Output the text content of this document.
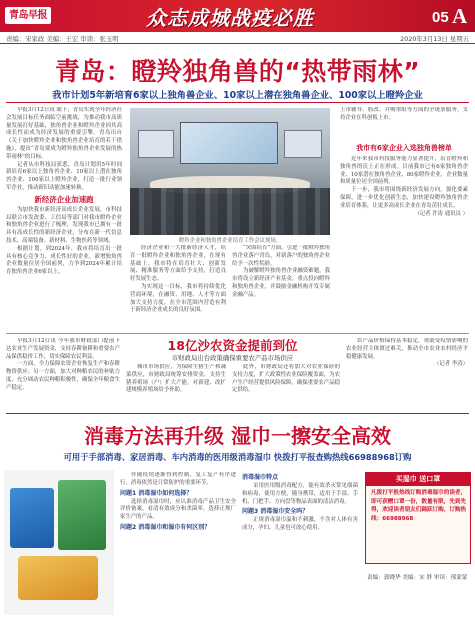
青岛早报	众志成城战疫必胜	05 A
责编：宋家政 美编：王宏 审读：张玉明	2020年3月13日 星期五
青岛：瞪羚独角兽的“热带雨林”
我市计划5年新培育6家以上独角兽企业、10家以上潜在独角兽企业、100家以上瞪羚企业

早报3月12日讯 眼下，青岛实现全年经济社会发展目标任务面临空前挑战，为推动我市高质量发展打好基础，独角兽企业和瞪羚企业因其高成长性而成为经济发展的重要引擎。青岛出台《关于加快瞪羚企业和独角兽企业培育的若干措施》，提出“青岛要成为瞪羚独角兽企业发展的热带雨林”的目标。

记者从市科技局获悉，青岛计划用5年时间新培育6家以上独角兽企业、10家以上潜在独角兽企业、100家以上瞪羚企业，打造一批行业领军企业，推动新旧动能加速转换。

新经济企业加速跑

为加快我市新经济高成长企业发展，市科技局联合市发改委、工信局等部门对我市瞪羚企业和独角兽企业进行了梳理，发现我市已拥有一批具有高成长性的新经济企业，分布在新一代信息技术、高端装备、新材料、生物医药等领域。

根据计划，到2024年，我市将培育出一批具有核心竞争力、成长性好的企业，新增独角兽企业数量位居全国前列，力争到2024年累计培育独角兽企业6家以上。

瞪羚企业和独角兽企业培育工作会议现场。

经济企业和一大批新经济人才，培育一批瞪羚企业和独角兽企业，在现有基础上，我市将在培育壮大、创新发展、精准服务等方面给予支持，打造良好发展生态。

为实现这一目标，我市将持续优化营商环境，在融资、用地、人才等方面加大支持力度，在全市范围内营造有利于新经济企业成长的良好氛围。

“突围培育”方面，引进一批瞪羚独角兽企业落户青岛，对新落户的独角兽企业给予一次性奖励。

为破解瞪羚独角兽企业融资难题，我市将设立新经济产业基金，重点投向瞪羚和独角兽企业，并鼓励金融机构开发专属金融产品。

上市辅导、股改、并购重组等方面的全链条服务，支持企业在科创板上市。

我市有6家企业入选独角兽榜单

近年来我市科技服务能力显著提升，培育瞪羚和独角兽的沃土正在形成。目前我市已有6家独角兽企业、10家潜在独角兽企业、80家瞪羚企业，企业数量和质量位居全国前列。

下一步，我市将围绕新经济发展方向，强化要素保障，进一步优化创新生态，加快建设瞪羚独角兽企业培育体系，让更多高成长企业在青岛茁壮成长。

（记者 许涛 通讯员 ）

18亿沙农资金提前到位
市财政局出台政策确保重要农产品市场供应

早报3月12日讯 今年我市财政部门提前下达农业生产发展资金，支持春耕备耕和重要农产品保供稳价工作，切实保障农民利益。

一方面，全力保障农资企业恢复生产和春耕物资供应；另一方面，加大对种粮农民的补贴力度，充分调动农民种粮积极性，确保全年粮食生产稳定。

城市市场供应，为保障生猪生产和蔬菜供应，市财政局统筹安排资金，支持生猪养殖场（户）扩大产能，对新建、改扩建规模养殖场给予补助。

此外，市财政局还将加大对农业保险的支持力度，扩大政策性农业保险覆盖面，为农户生产经营提供风险保障，确保重要农产品稳定供给。

农产品价格保持基本稳定，帮助受疫情影响的农业经营主体渡过难关，推动全市农业农村经济平稳健康发展。

（记者 李涛）

消毒方法再升级 湿巾一擦安全高效
可用于手部消毒、家居消毒、车内消毒的医用级消毒湿巾 快拨打平报查购热线66988968订购

伴随疫情逐渐得到控制，复工复产有序进行，消毒依然是日常防护的重要环节。

问题1 消毒湿巾如何选择？

选择消毒湿巾时，应认准消毒产品卫生安全评价备案，看清有效成分和杀菌率，选择正规厂家生产的产品。

问题2 消毒湿巾和湿巾有何区别？
消毒湿巾特点

采用医用级消毒配方，能有效杀灭常见细菌和病毒，使用方便，随身携带，适用于手部、手机、门把手、方向盘等物品表面的清洁消毒。

问题3 消毒湿巾安全吗？

正规消毒湿巾温和不刺激，不含对人体有害成分，孕妇、儿童也可放心使用。

买湿巾 送口罩
凡拨打平报热线订购消毒湿巾的读者，即可获赠口罩一份，数量有限，先到先得，欢迎读者朋友们踊跃订购，订购热线：66988968
责编：郭晓华 美编：宋 胖 审读：邢蒙蒙
